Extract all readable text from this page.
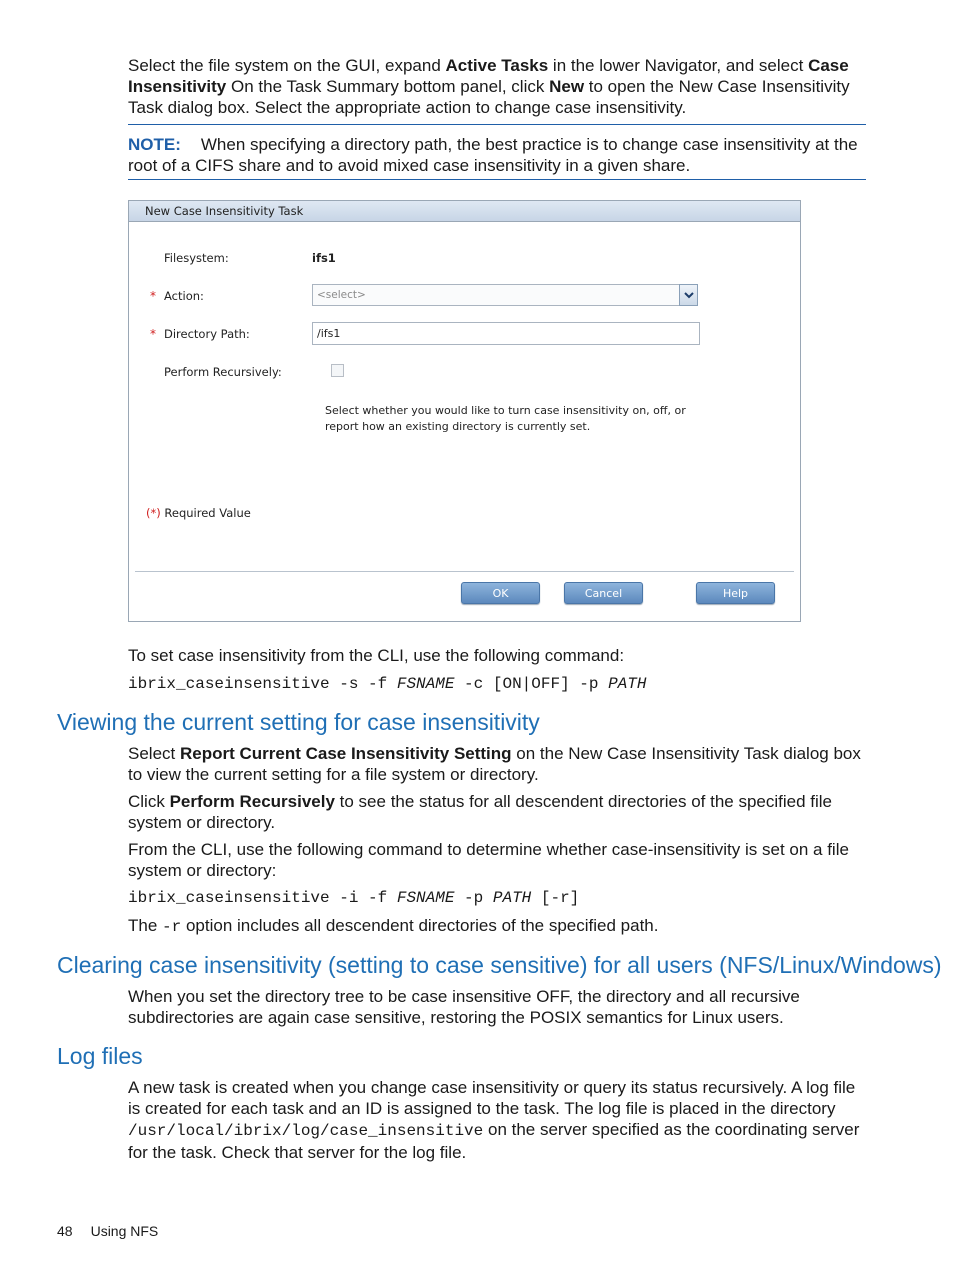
Select the file system on the GUI, expand Active Tasks in the lower Navigator, and select Case Insensitivity On the Task Summary bottom panel, click New to open the New Case Insensitivity Task dialog box. Select the appropriate action to change case insensitivity.
NOTE: When specifying a directory path, the best practice is to change case insensitivity at the root of a CIFS share and to avoid mixed case insensitivity in a given share.
New Case Insensitivity Task
Filesystem:	ifs1
* Action:	<select>
* Directory Path:	/ifs1
Perform Recursively:
Select whether you would like to turn case insensitivity on, off, or report how an existing directory is currently set.
(*) Required Value
OK	Cancel	Help
To set case insensitivity from the CLI, use the following command:
ibrix_caseinsensitive -s -f FSNAME -c [ON|OFF] -p PATH
Viewing the current setting for case insensitivity
Select Report Current Case Insensitivity Setting on the New Case Insensitivity Task dialog box to view the current setting for a file system or directory.
Click Perform Recursively to see the status for all descendent directories of the specified file system or directory.
From the CLI, use the following command to determine whether case-insensitivity is set on a file system or directory:
ibrix_caseinsensitive -i -f FSNAME -p PATH [-r]
The -r option includes all descendent directories of the specified path.
Clearing case insensitivity (setting to case sensitive) for all users (NFS/Linux/Windows)
When you set the directory tree to be case insensitive OFF, the directory and all recursive subdirectories are again case sensitive, restoring the POSIX semantics for Linux users.
Log files
A new task is created when you change case insensitivity or query its status recursively. A log file is created for each task and an ID is assigned to the task. The log file is placed in the directory /usr/local/ibrix/log/case_insensitive on the server specified as the coordinating server for the task. Check that server for the log file.
48 Using NFS
